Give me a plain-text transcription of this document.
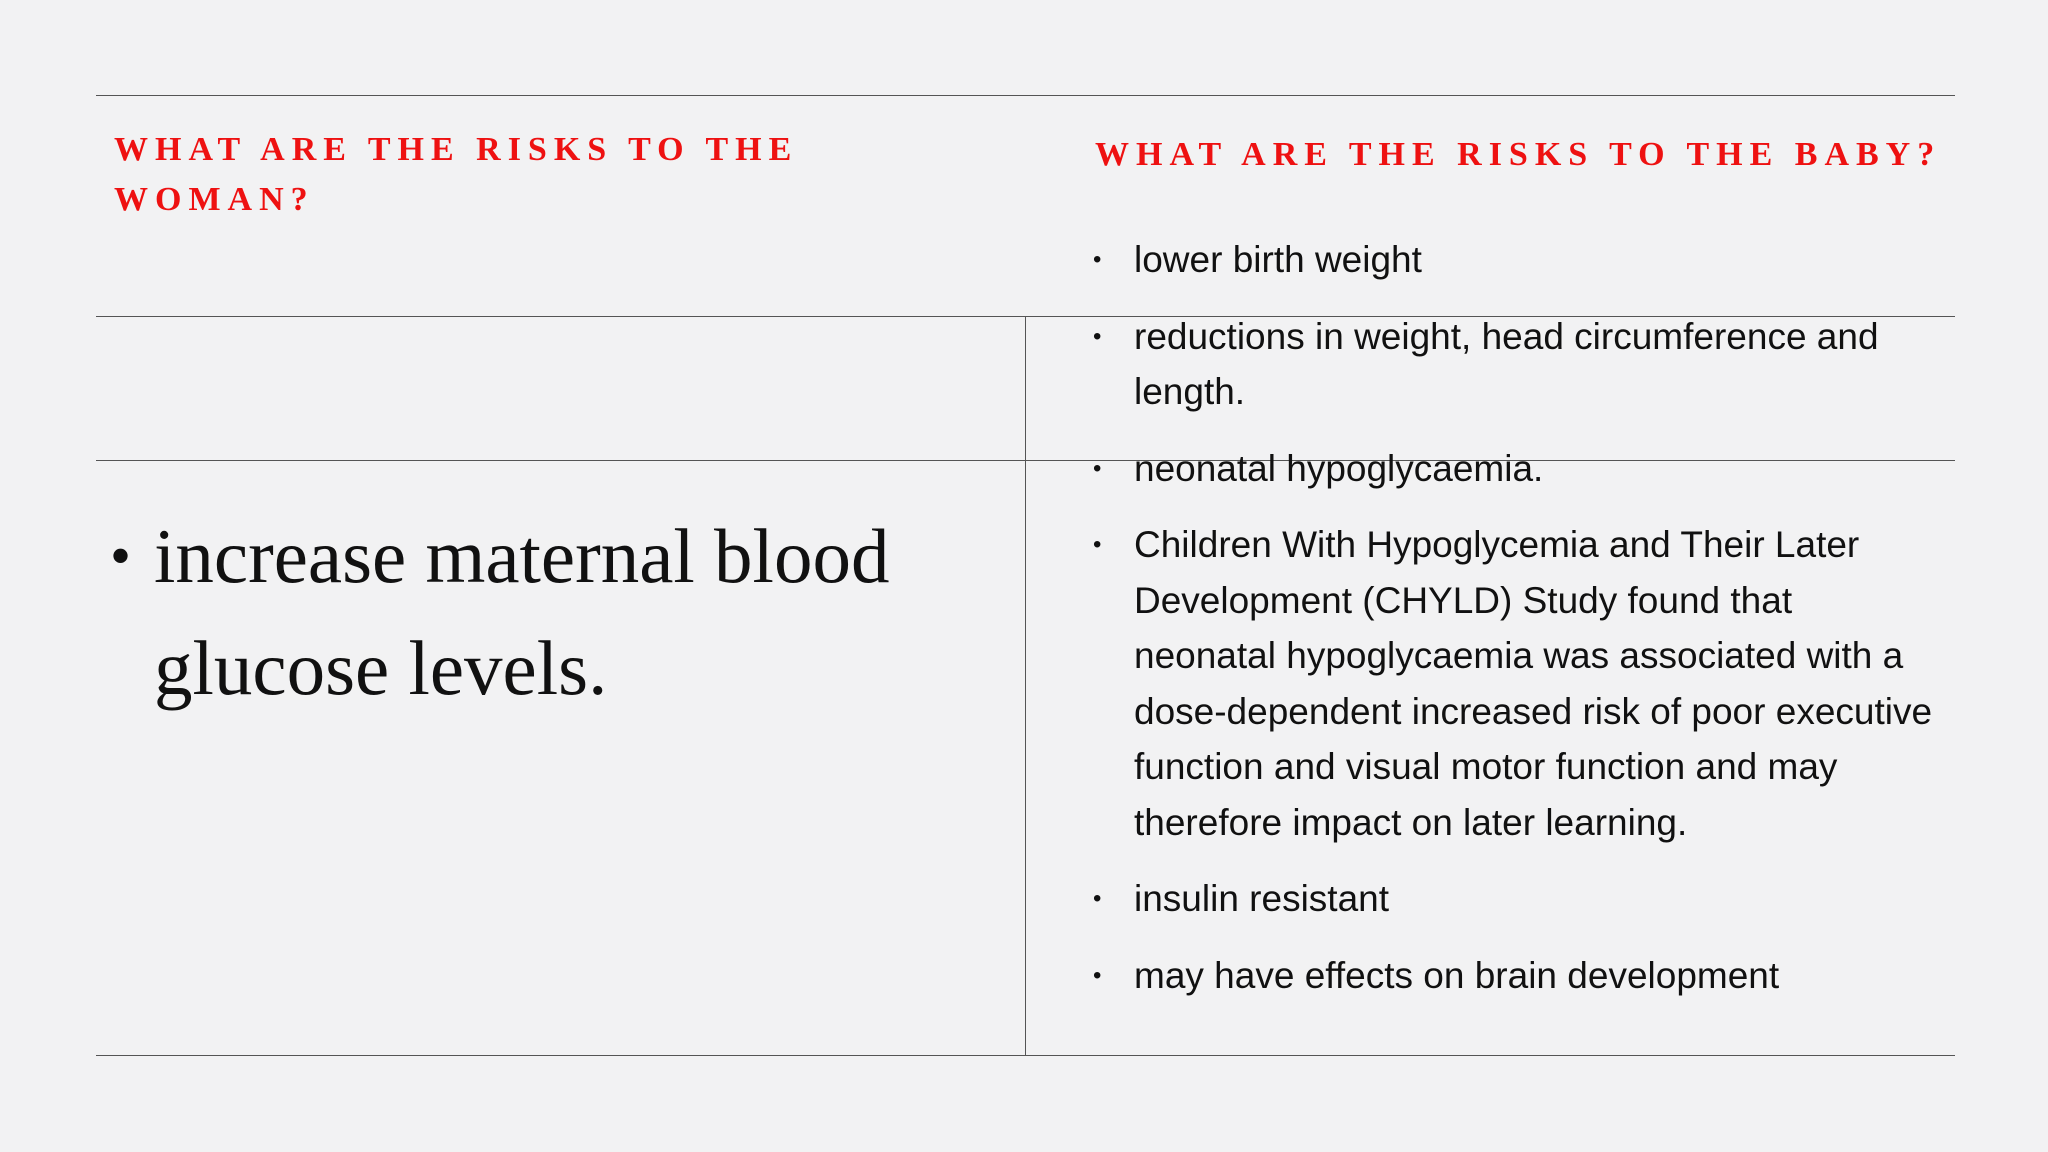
WHAT ARE THE RISKS TO THE WOMAN?
WHAT ARE THE RISKS TO THE BABY?
• increase maternal blood glucose levels.
• lower birth weight
• reductions in weight, head circumference and length.
• neonatal hypoglycaemia.
• Children With Hypoglycemia and Their Later Development (CHYLD) Study found that neonatal hypoglycaemia was associated with a dose-dependent increased risk of poor executive function and visual motor function and may therefore impact on later learning.
• insulin resistant
• may have effects on brain development
